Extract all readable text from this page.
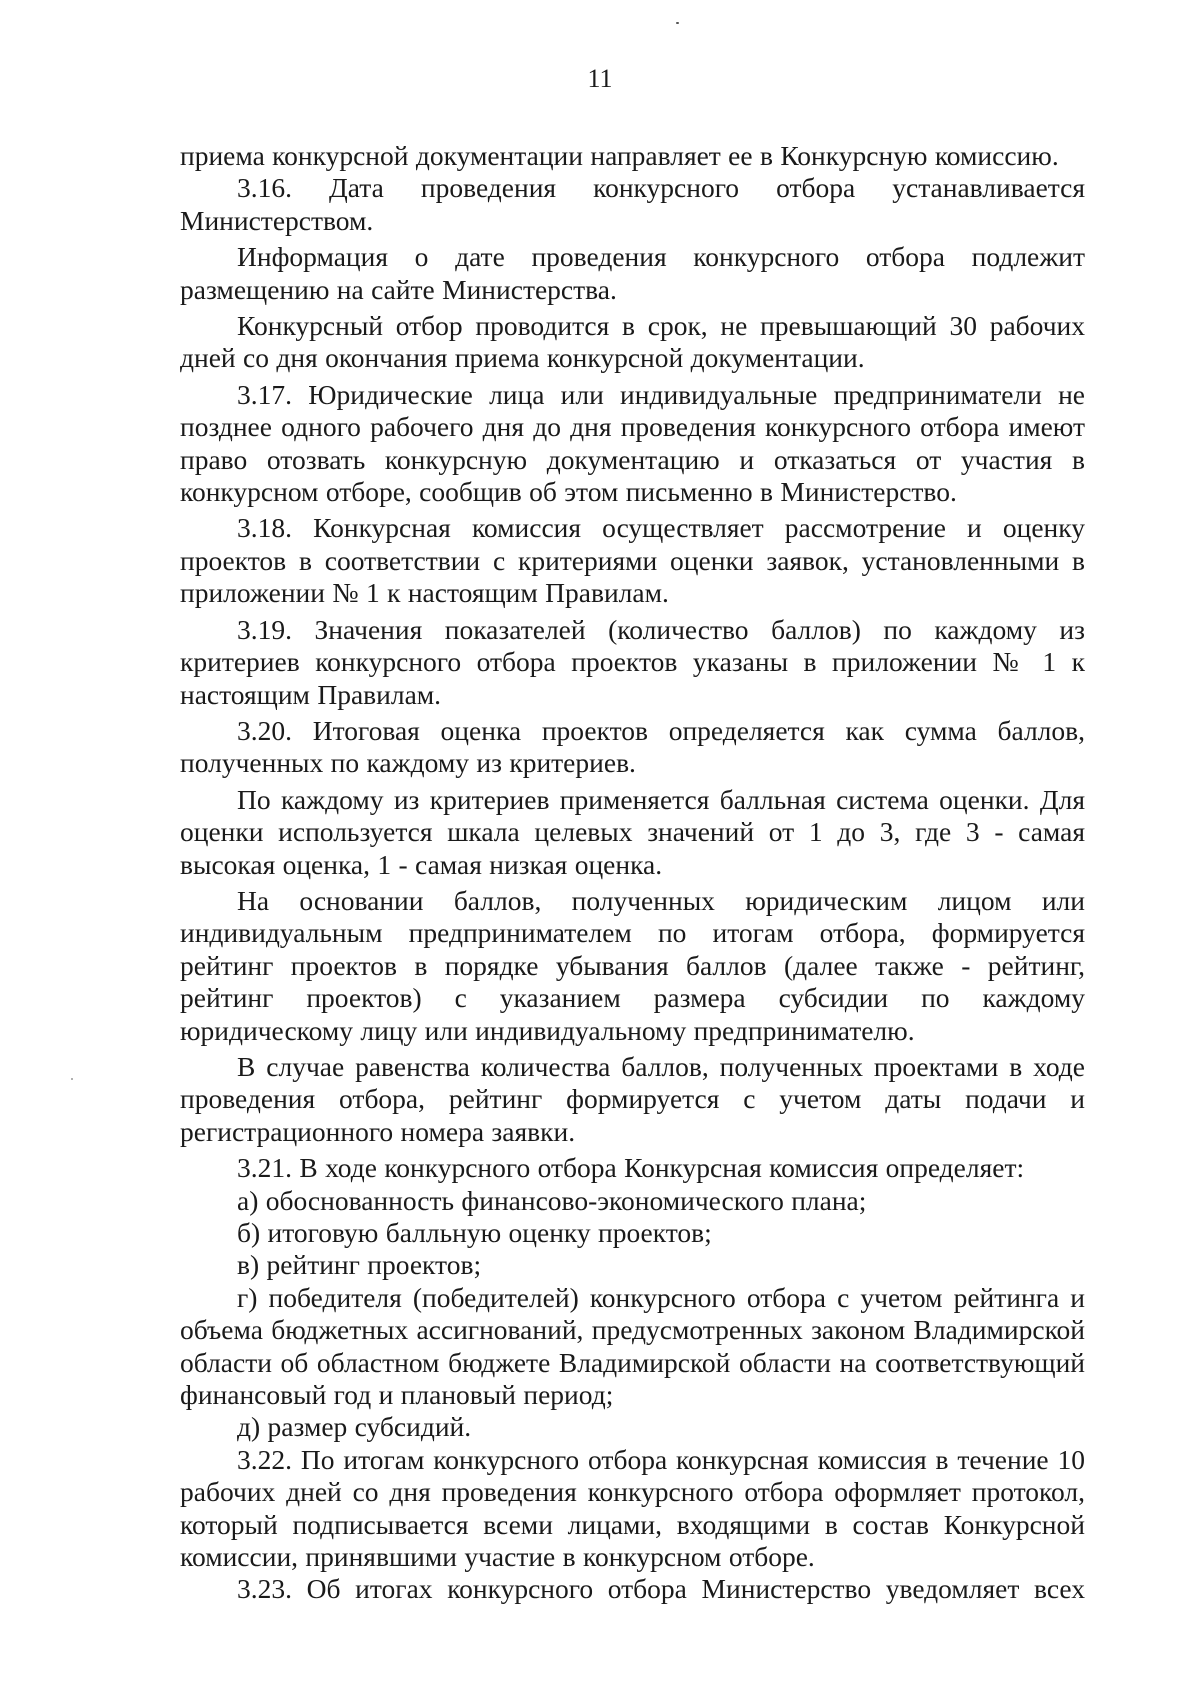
11

приема конкурсной документации направляет ее в Конкурсную комиссию.

3.16. Дата проведения конкурсного отбора устанавливается Министерством.

Информация о дате проведения конкурсного отбора подлежит размещению на сайте Министерства.

Конкурсный отбор проводится в срок, не превышающий 30 рабочих дней со дня окончания приема конкурсной документации.

3.17. Юридические лица или индивидуальные предприниматели не позднее одного рабочего дня до дня проведения конкурсного отбора имеют право отозвать конкурсную документацию и отказаться от участия в конкурсном отборе, сообщив об этом письменно в Министерство.

3.18. Конкурсная комиссия осуществляет рассмотрение и оценку проектов в соответствии с критериями оценки заявок, установленными в приложении № 1 к настоящим Правилам.

3.19. Значения показателей (количество баллов) по каждому из критериев конкурсного отбора проектов указаны в приложении № 1 к настоящим Правилам.

3.20. Итоговая оценка проектов определяется как сумма баллов, полученных по каждому из критериев.

По каждому из критериев применяется балльная система оценки. Для оценки используется шкала целевых значений от 1 до 3, где 3 - самая высокая оценка, 1 - самая низкая оценка.

На основании баллов, полученных юридическим лицом или индивидуальным предпринимателем по итогам отбора, формируется рейтинг проектов в порядке убывания баллов (далее также - рейтинг, рейтинг проектов) с указанием размера субсидии по каждому юридическому лицу или индивидуальному предпринимателю.

В случае равенства количества баллов, полученных проектами в ходе проведения отбора, рейтинг формируется с учетом даты подачи и регистрационного номера заявки.

3.21. В ходе конкурсного отбора Конкурсная комиссия определяет:

а) обоснованность финансово-экономического плана;

б) итоговую балльную оценку проектов;

в) рейтинг проектов;

г) победителя (победителей) конкурсного отбора с учетом рейтинга и объема бюджетных ассигнований, предусмотренных законом Владимирской области об областном бюджете Владимирской области на соответствующий финансовый год и плановый период;

д) размер субсидий.

3.22. По итогам конкурсного отбора конкурсная комиссия в течение 10 рабочих дней со дня проведения конкурсного отбора оформляет протокол, который подписывается всеми лицами, входящими в состав Конкурсной комиссии, принявшими участие в конкурсном отборе.

3.23. Об итогах конкурсного отбора Министерство уведомляет всех
